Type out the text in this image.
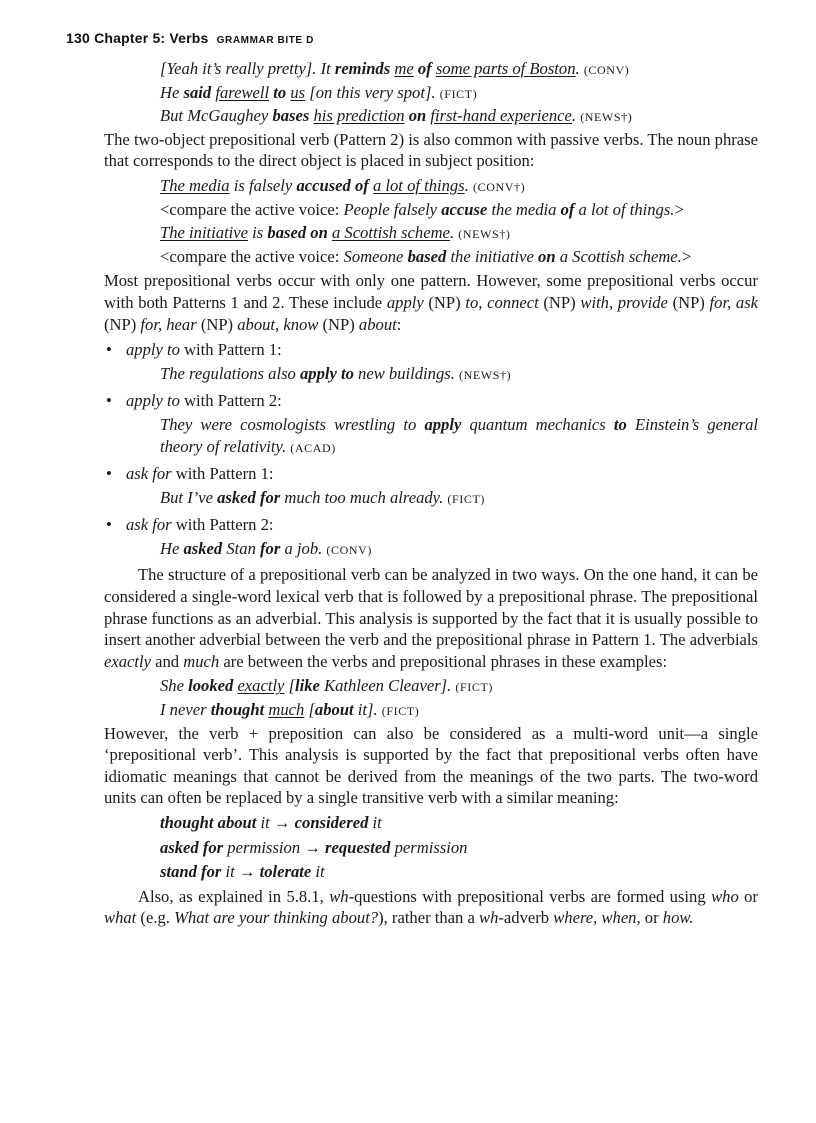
130 Chapter 5: Verbs GRAMMAR BITE D

[Yeah it’s really pretty]. It reminds me of some parts of Boston. (CONV)

He said farewell to us [on this very spot]. (FICT)

But McGaughey bases his prediction on first-hand experience. (NEWS†)

The two-object prepositional verb (Pattern 2) is also common with passive verbs. The noun phrase that corresponds to the direct object is placed in subject position:

The media is falsely accused of a lot of things. (CONV†)

<compare the active voice: People falsely accuse the media of a lot of things.>

The initiative is based on a Scottish scheme. (NEWS†)

<compare the active voice: Someone based the initiative on a Scottish scheme.>

Most prepositional verbs occur with only one pattern. However, some prepositional verbs occur with both Patterns 1 and 2. These include apply (NP) to, connect (NP) with, provide (NP) for, ask (NP) for, hear (NP) about, know (NP) about:

• apply to with Pattern 1:

The regulations also apply to new buildings. (NEWS†)

• apply to with Pattern 2:

They were cosmologists wrestling to apply quantum mechanics to Einstein’s general theory of relativity. (ACAD)

• ask for with Pattern 1:

But I’ve asked for much too much already. (FICT)

• ask for with Pattern 2:

He asked Stan for a job. (CONV)

The structure of a prepositional verb can be analyzed in two ways. On the one hand, it can be considered a single-word lexical verb that is followed by a prepositional phrase. The prepositional phrase functions as an adverbial. This analysis is supported by the fact that it is usually possible to insert another adverbial between the verb and the prepositional phrase in Pattern 1. The adverbials exactly and much are between the verbs and prepositional phrases in these examples:

She looked exactly [like Kathleen Cleaver]. (FICT)

I never thought much [about it]. (FICT)

However, the verb + preposition can also be considered as a multi-word unit—a single ‘prepositional verb’. This analysis is supported by the fact that prepositional verbs often have idiomatic meanings that cannot be derived from the meanings of the two parts. The two-word units can often be replaced by a single transitive verb with a similar meaning:

thought about it → considered it

asked for permission → requested permission

stand for it → tolerate it

Also, as explained in 5.8.1, wh-questions with prepositional verbs are formed using who or what (e.g. What are your thinking about?), rather than a wh-adverb where, when, or how.
